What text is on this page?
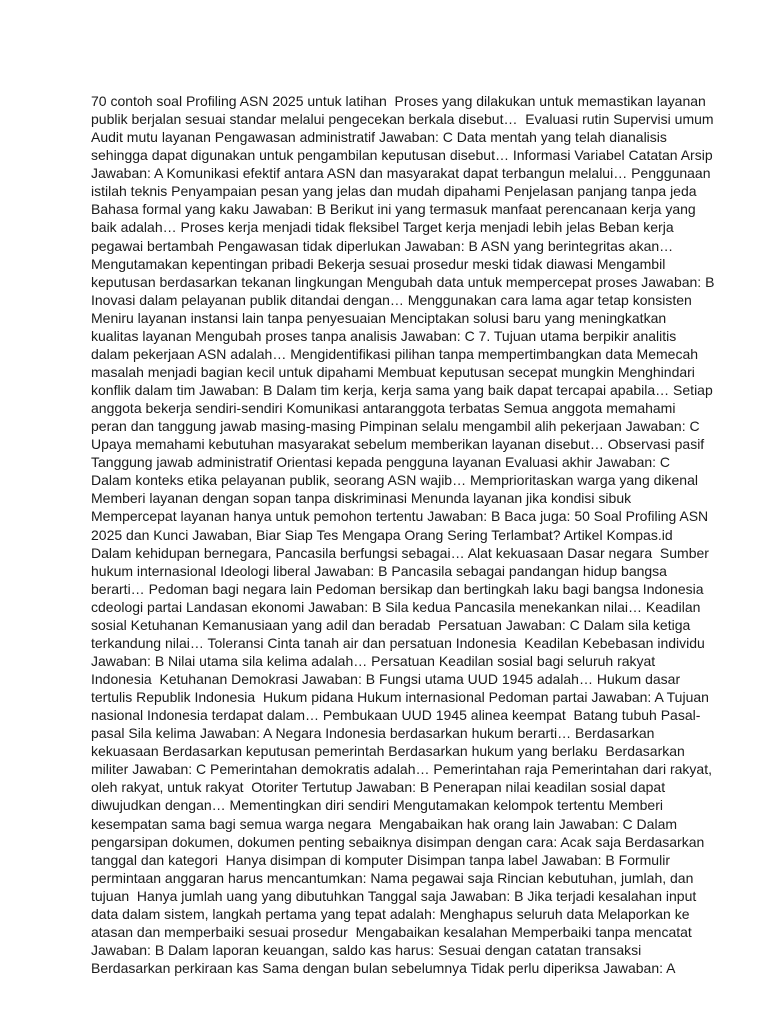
70 contoh soal Profiling ASN 2025 untuk latihan  Proses yang dilakukan untuk memastikan layanan
publik berjalan sesuai standar melalui pengecekan berkala disebut…  Evaluasi rutin Supervisi umum
Audit mutu layanan Pengawasan administratif Jawaban: C Data mentah yang telah dianalisis
sehingga dapat digunakan untuk pengambilan keputusan disebut… Informasi Variabel Catatan Arsip
Jawaban: A Komunikasi efektif antara ASN dan masyarakat dapat terbangun melalui… Penggunaan
istilah teknis Penyampaian pesan yang jelas dan mudah dipahami Penjelasan panjang tanpa jeda
Bahasa formal yang kaku Jawaban: B Berikut ini yang termasuk manfaat perencanaan kerja yang
baik adalah… Proses kerja menjadi tidak fleksibel Target kerja menjadi lebih jelas Beban kerja
pegawai bertambah Pengawasan tidak diperlukan Jawaban: B ASN yang berintegritas akan…
Mengutamakan kepentingan pribadi Bekerja sesuai prosedur meski tidak diawasi Mengambil
keputusan berdasarkan tekanan lingkungan Mengubah data untuk mempercepat proses Jawaban: B
Inovasi dalam pelayanan publik ditandai dengan… Menggunakan cara lama agar tetap konsisten
Meniru layanan instansi lain tanpa penyesuaian Menciptakan solusi baru yang meningkatkan
kualitas layanan Mengubah proses tanpa analisis Jawaban: C 7. Tujuan utama berpikir analitis
dalam pekerjaan ASN adalah… Mengidentifikasi pilihan tanpa mempertimbangkan data Memecah
masalah menjadi bagian kecil untuk dipahami Membuat keputusan secepat mungkin Menghindari
konflik dalam tim Jawaban: B Dalam tim kerja, kerja sama yang baik dapat tercapai apabila… Setiap
anggota bekerja sendiri-sendiri Komunikasi antaranggota terbatas Semua anggota memahami
peran dan tanggung jawab masing-masing Pimpinan selalu mengambil alih pekerjaan Jawaban: C
Upaya memahami kebutuhan masyarakat sebelum memberikan layanan disebut… Observasi pasif
Tanggung jawab administratif Orientasi kepada pengguna layanan Evaluasi akhir Jawaban: C
Dalam konteks etika pelayanan publik, seorang ASN wajib… Memprioritaskan warga yang dikenal
Memberi layanan dengan sopan tanpa diskriminasi Menunda layanan jika kondisi sibuk
Mempercepat layanan hanya untuk pemohon tertentu Jawaban: B Baca juga: 50 Soal Profiling ASN
2025 dan Kunci Jawaban, Biar Siap Tes Mengapa Orang Sering Terlambat? Artikel Kompas.id
Dalam kehidupan bernegara, Pancasila berfungsi sebagai… Alat kekuasaan Dasar negara  Sumber
hukum internasional Ideologi liberal Jawaban: B Pancasila sebagai pandangan hidup bangsa
berarti… Pedoman bagi negara lain Pedoman bersikap dan bertingkah laku bagi bangsa Indonesia
cdeologi partai Landasan ekonomi Jawaban: B Sila kedua Pancasila menekankan nilai… Keadilan
sosial Ketuhanan Kemanusiaan yang adil dan beradab  Persatuan Jawaban: C Dalam sila ketiga
terkandung nilai… Toleransi Cinta tanah air dan persatuan Indonesia  Keadilan Kebebasan individu
Jawaban: B Nilai utama sila kelima adalah… Persatuan Keadilan sosial bagi seluruh rakyat
Indonesia  Ketuhanan Demokrasi Jawaban: B Fungsi utama UUD 1945 adalah… Hukum dasar
tertulis Republik Indonesia  Hukum pidana Hukum internasional Pedoman partai Jawaban: A Tujuan
nasional Indonesia terdapat dalam… Pembukaan UUD 1945 alinea keempat  Batang tubuh Pasal-
pasal Sila kelima Jawaban: A Negara Indonesia berdasarkan hukum berarti… Berdasarkan
kekuasaan Berdasarkan keputusan pemerintah Berdasarkan hukum yang berlaku  Berdasarkan
militer Jawaban: C Pemerintahan demokratis adalah… Pemerintahan raja Pemerintahan dari rakyat,
oleh rakyat, untuk rakyat  Otoriter Tertutup Jawaban: B Penerapan nilai keadilan sosial dapat
diwujudkan dengan… Mementingkan diri sendiri Mengutamakan kelompok tertentu Memberi
kesempatan sama bagi semua warga negara  Mengabaikan hak orang lain Jawaban: C Dalam
pengarsipan dokumen, dokumen penting sebaiknya disimpan dengan cara: Acak saja Berdasarkan
tanggal dan kategori  Hanya disimpan di komputer Disimpan tanpa label Jawaban: B Formulir
permintaan anggaran harus mencantumkan: Nama pegawai saja Rincian kebutuhan, jumlah, dan
tujuan  Hanya jumlah uang yang dibutuhkan Tanggal saja Jawaban: B Jika terjadi kesalahan input
data dalam sistem, langkah pertama yang tepat adalah: Menghapus seluruh data Melaporkan ke
atasan dan memperbaiki sesuai prosedur  Mengabaikan kesalahan Memperbaiki tanpa mencatat
Jawaban: B Dalam laporan keuangan, saldo kas harus: Sesuai dengan catatan transaksi
Berdasarkan perkiraan kas Sama dengan bulan sebelumnya Tidak perlu diperiksa Jawaban: A
